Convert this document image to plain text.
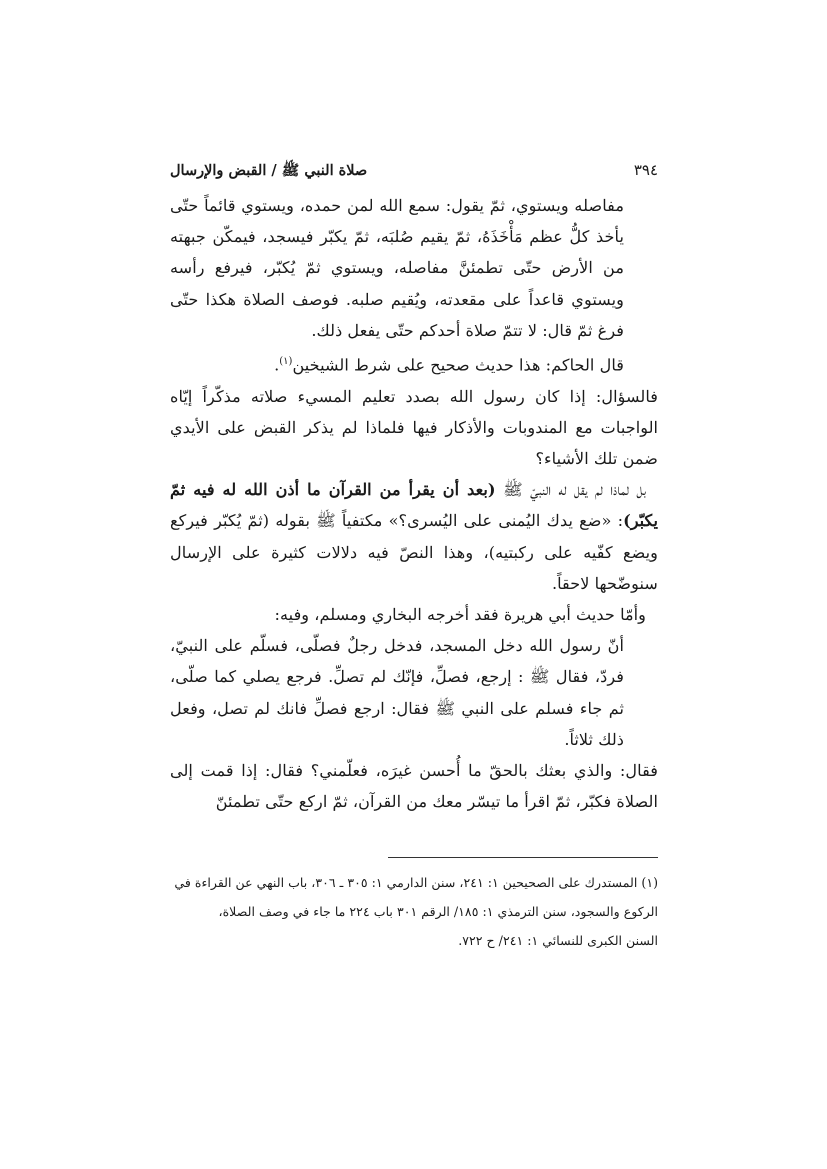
٣٩٤
صلاة النبي ﷺ / القبض والإرسال

مفاصله ويستوي، ثمّ يقول: سمع الله لمن حمده، ويستوي قائماً حتّى يأخذ كلُّ عظم مَأْخَذَهُ، ثمّ يقيم صُلبَه، ثمّ يكبّر فيسجد، فيمكّن جبهته من الأرض حتّى تطمئنَّ مفاصله، ويستوي ثمّ يُكبّر، فيرفع رأسه ويستوي قاعداً على مقعدته، ويُقيم صلبه. فوصف الصلاة هكذا حتّى فرغ ثمّ قال: لا تتمّ صلاة أحدكم حتّى يفعل ذلك.

قال الحاكم: هذا حديث صحيح على شرط الشيخين$^{(١)}$.

فالسؤال: إذا كان رسول الله بصدد تعليم المسيء صلاته مذكّراً إيّاه الواجبات مع المندوبات والأذكار فيها فلماذا لم يذكر القبض على الأيدي ضمن تلك الأشياء؟

بل لماذا لم يقل له النبيّ ﷺ (بعد أن يقرأ من القرآن ما أذن الله له فيه ثمّ يكبّر): «ضع يدك اليُمنى على اليُسرى؟» مكتفياً ﷺ بقوله (ثمّ يُكبّر فيركع ويضع كفّيه على ركبتيه)، وهذا النصّ فيه دلالات كثيرة على الإرسال سنوضّحها لاحقاً.

وأمّا حديث أبي هريرة فقد أخرجه البخاري ومسلم، وفيه:

أنّ رسول الله دخل المسجد، فدخل رجلٌ فصلّى، فسلّم على النبيّ، فردّ، فقال ﷺ : إرجع، فصلِّ، فإنّك لم تصلِّ. فرجع يصلي كما صلّى، ثم جاء فسلم على النبي ﷺ فقال: ارجع فصلِّ فانك لم تصل، وفعل ذلك ثلاثاً.

فقال: والذي بعثك بالحقّ ما أُحسن غيرَه، فعلّمني؟ فقال: إذا قمت إلى الصلاة فكبّر، ثمّ اقرأ ما تيسّر معك من القرآن، ثمّ اركع حتّى تطمئنّ

(١) المستدرك على الصحيحين ١: ٢٤١، سنن الدارمي ١: ٣٠٥ ـ ٣٠٦، باب النهي عن القراءة في

الركوع والسجود، سنن الترمذي ١: ١٨٥/ الرقم ٣٠١ باب ٢٢٤ ما جاء في وصف الصلاة،

السنن الكبرى للنسائي ١: ٢٤١/ ح ٧٢٢.
